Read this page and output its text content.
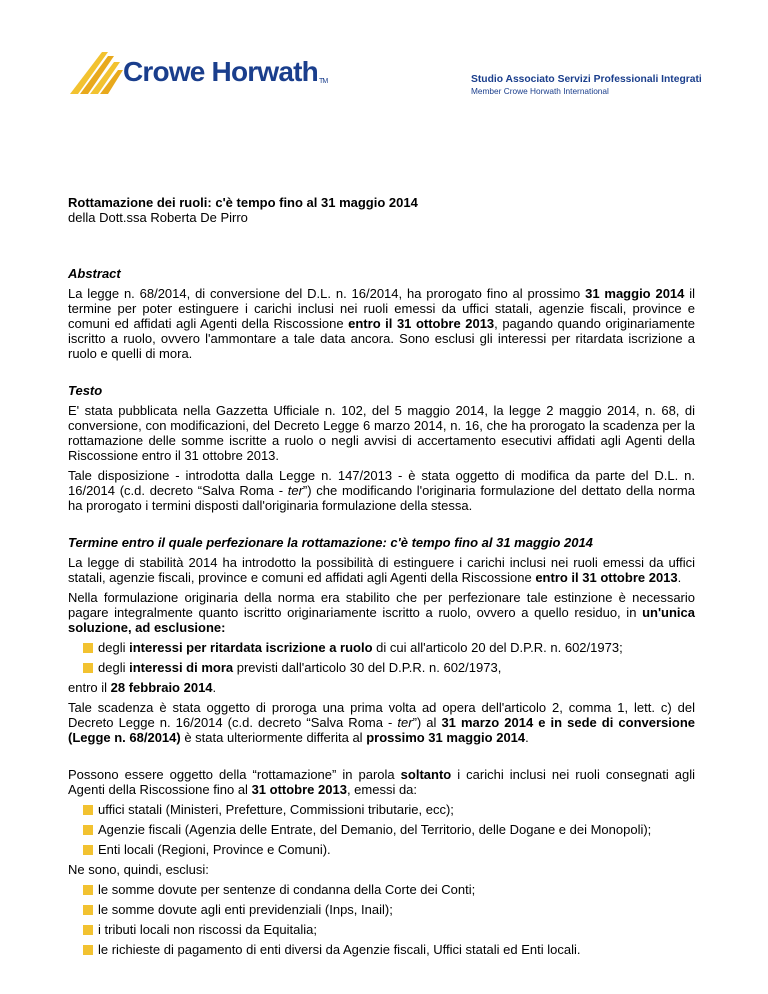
Crowe HorwathTM	Studio Associato Servizi Professionali Integrati
Member Crowe Horwath International

Rottamazione dei ruoli: c'è tempo fino al 31 maggio 2014

della Dott.ssa Roberta De Pirro

Abstract

La legge n. 68/2014, di conversione del D.L. n. 16/2014, ha prorogato fino al prossimo 31 maggio 2014 il termine per poter estinguere i carichi inclusi nei ruoli emessi da uffici statali, agenzie fiscali, province e comuni ed affidati agli Agenti della Riscossione entro il 31 ottobre 2013, pagando quando originariamente iscritto a ruolo, ovvero l'ammontare a tale data ancora. Sono esclusi gli interessi per ritardata iscrizione a ruolo e quelli di mora.

Testo

E' stata pubblicata nella Gazzetta Ufficiale n. 102, del 5 maggio 2014, la legge 2 maggio 2014, n. 68, di conversione, con modificazioni, del Decreto Legge 6 marzo 2014, n. 16, che ha prorogato la scadenza per la rottamazione delle somme iscritte a ruolo o negli avvisi di accertamento esecutivi affidati agli Agenti della Riscossione entro il 31 ottobre 2013.

Tale disposizione - introdotta dalla Legge n. 147/2013 - è stata oggetto di modifica da parte del D.L. n. 16/2014 (c.d. decreto “Salva Roma - ter”) che modificando l'originaria formulazione del dettato della norma ha prorogato i termini disposti dall'originaria formulazione della stessa.

Termine entro il quale perfezionare la rottamazione: c'è tempo fino al 31 maggio 2014

La legge di stabilità 2014 ha introdotto la possibilità di estinguere i carichi inclusi nei ruoli emessi da uffici statali, agenzie fiscali, province e comuni ed affidati agli Agenti della Riscossione entro il 31 ottobre 2013.

Nella formulazione originaria della norma era stabilito che per perfezionare tale estinzione è necessario pagare integralmente quanto iscritto originariamente iscritto a ruolo, ovvero a quello residuo, in un'unica soluzione, ad esclusione:

degli interessi per ritardata iscrizione a ruolo di cui all'articolo 20 del D.P.R. n. 602/1973;
degli interessi di mora previsti dall'articolo 30 del D.P.R. n. 602/1973,

entro il 28 febbraio 2014.

Tale scadenza è stata oggetto di proroga una prima volta ad opera dell'articolo 2, comma 1, lett. c) del Decreto Legge n. 16/2014 (c.d. decreto “Salva Roma - ter”) al 31 marzo 2014 e in sede di conversione (Legge n. 68/2014) è stata ulteriormente differita al prossimo 31 maggio 2014.

Possono essere oggetto della “rottamazione” in parola soltanto i carichi inclusi nei ruoli consegnati agli Agenti della Riscossione fino al 31 ottobre 2013, emessi da:

uffici statali (Ministeri, Prefetture, Commissioni tributarie, ecc);
Agenzie fiscali (Agenzia delle Entrate, del Demanio, del Territorio, delle Dogane e dei Monopoli);
Enti locali (Regioni, Province e Comuni).

Ne sono, quindi, esclusi:

le somme dovute per sentenze di condanna della Corte dei Conti;
le somme dovute agli enti previdenziali (Inps, Inail);
i tributi locali non riscossi da Equitalia;
le richieste di pagamento di enti diversi da Agenzie fiscali, Uffici statali ed Enti locali.
